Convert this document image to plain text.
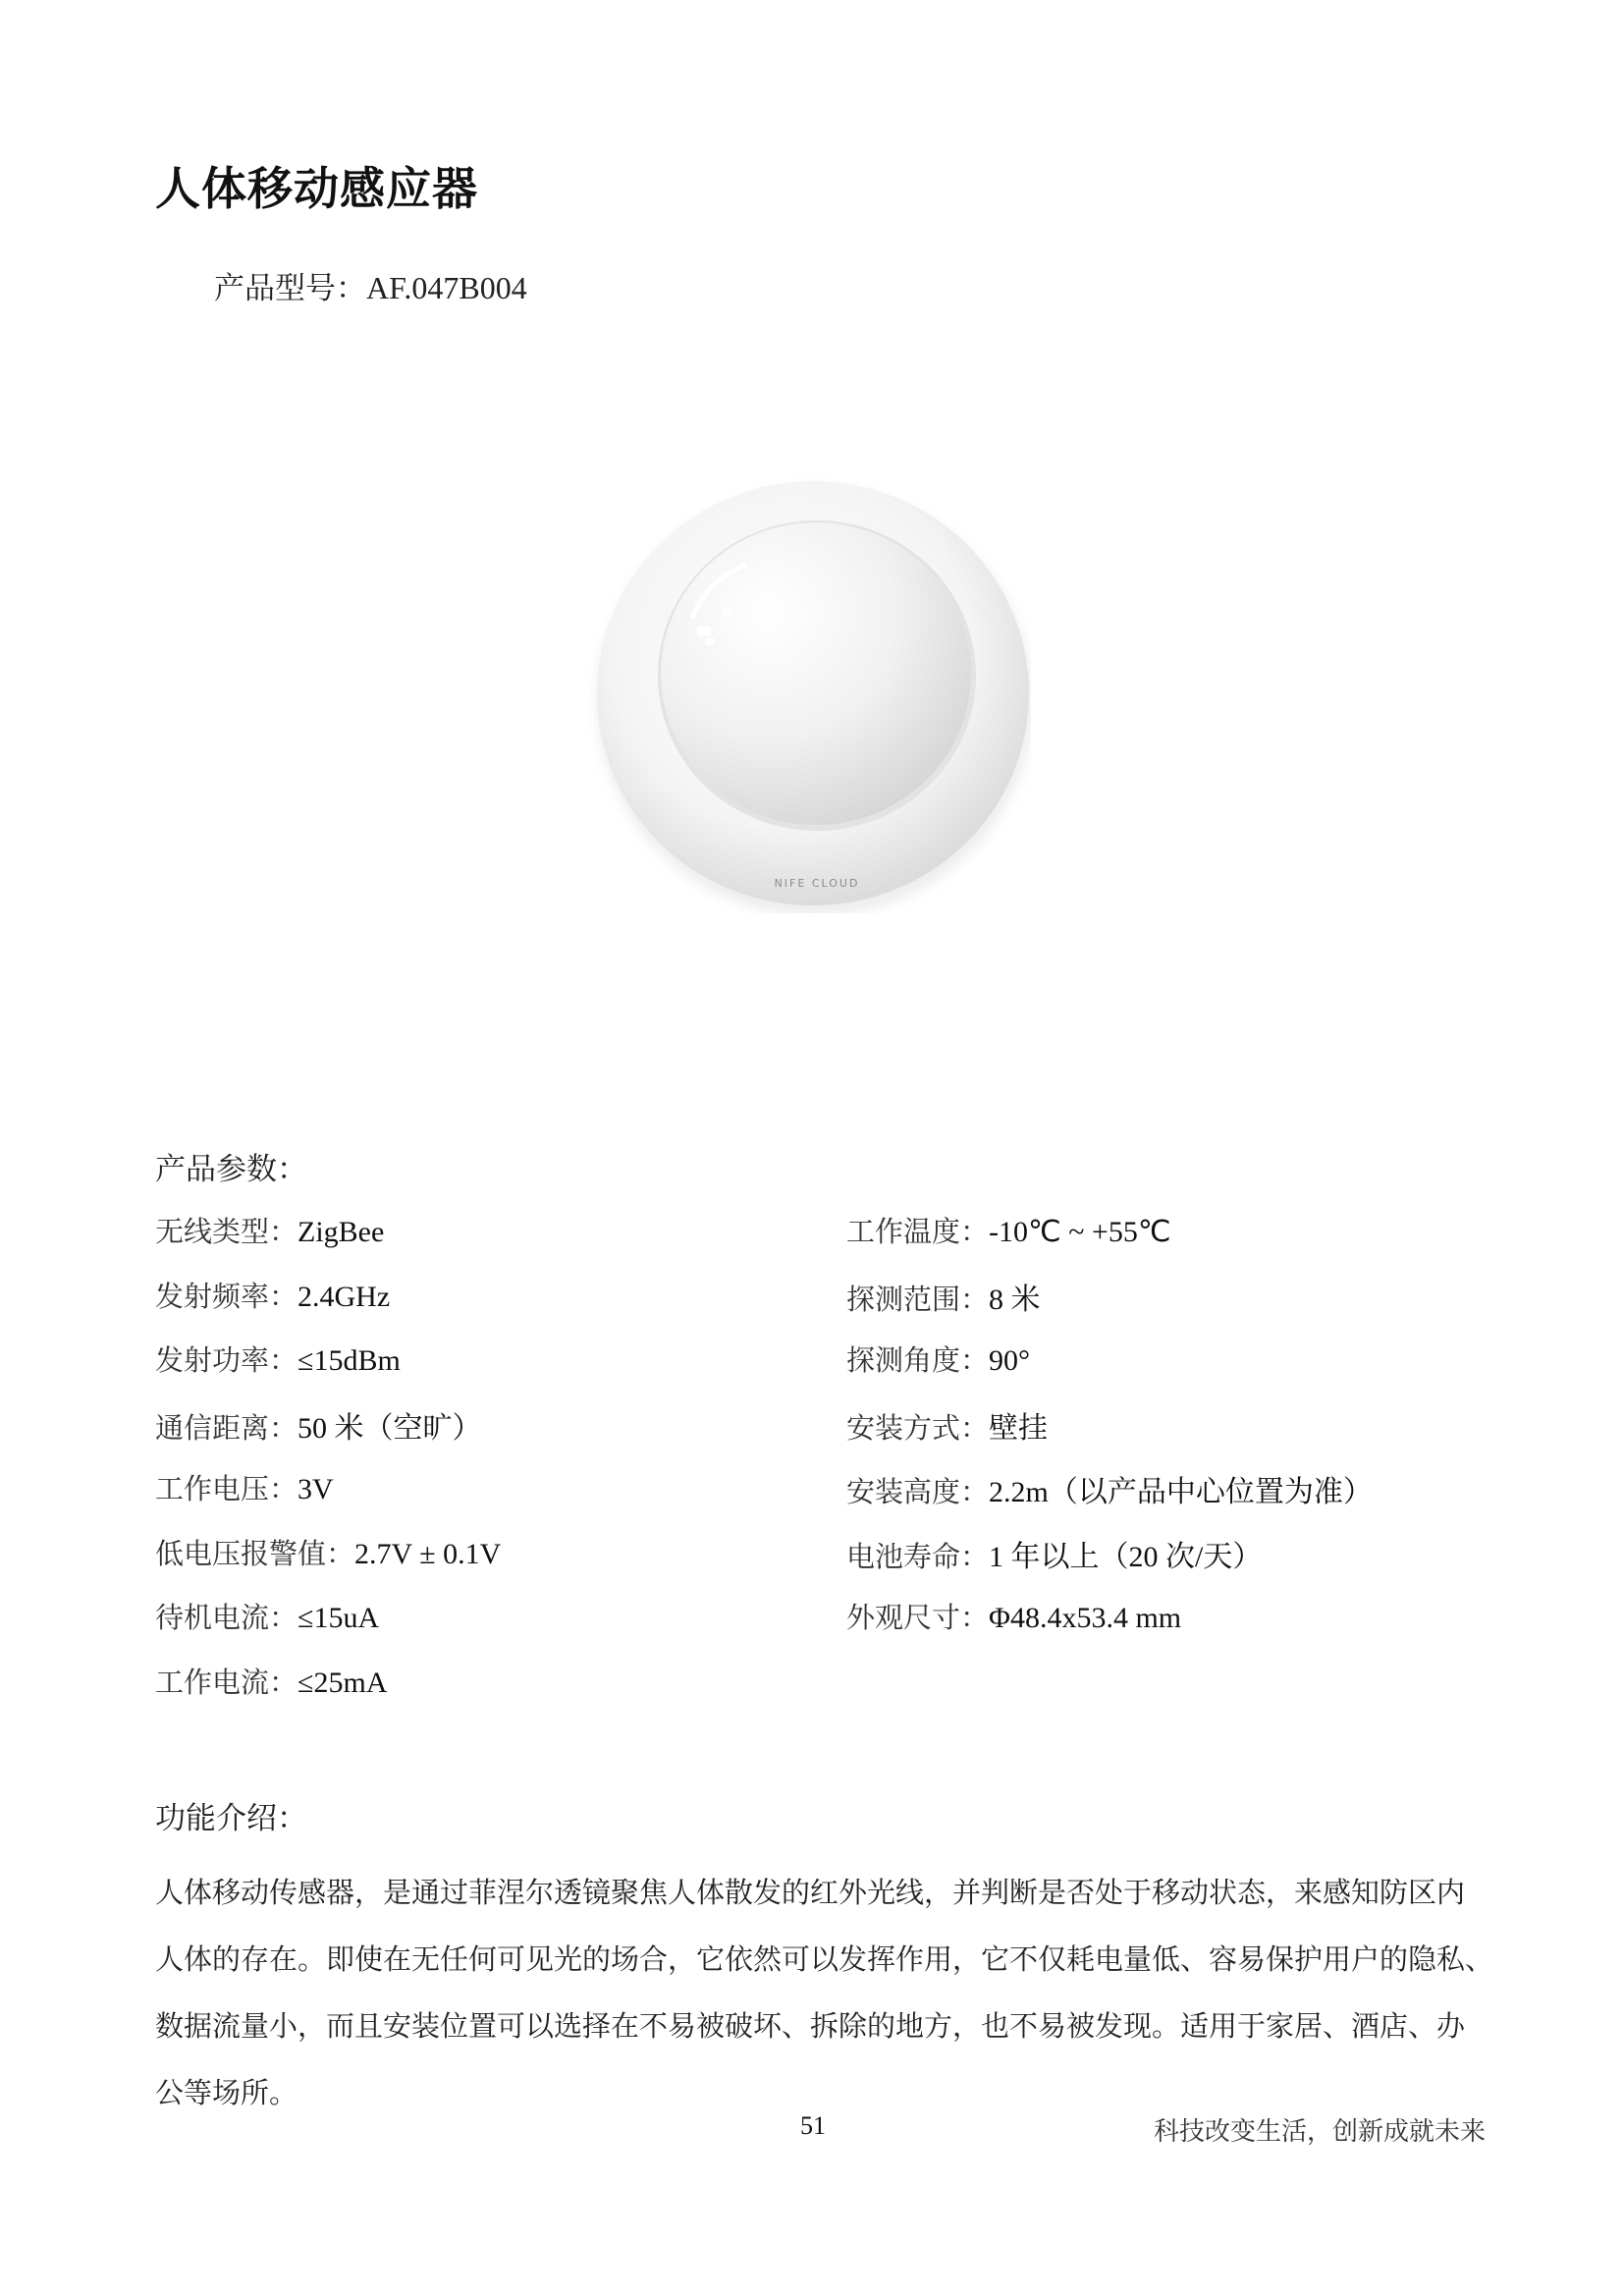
人体移动感应器
产品型号：AF.047B004
NIFE CLOUD
产品参数：
无线类型：ZigBee
发射频率：2.4GHz
发射功率：≤15dBm
通信距离：50 米（空旷）
工作电压：3V
低电压报警值：2.7V ± 0.1V
待机电流：≤15uA
工作电流：≤25mA
工作温度：-10℃ ~ +55℃
探测范围：8 米
探测角度：90°
安装方式：壁挂
安装高度：2.2m（以产品中心位置为准）
电池寿命：1 年以上（20 次/天）
外观尺寸：Φ48.4x53.4 mm
功能介绍：
人体移动传感器，是通过菲涅尔透镜聚焦人体散发的红外光线，并判断是否处于移动状态，来感知防区内
人体的存在。即使在无任何可见光的场合，它依然可以发挥作用，它不仅耗电量低、容易保护用户的隐私、
数据流量小，而且安装位置可以选择在不易被破坏、拆除的地方，也不易被发现。适用于家居、酒店、办
公等场所。
51	科技改变生活，创新成就未来
